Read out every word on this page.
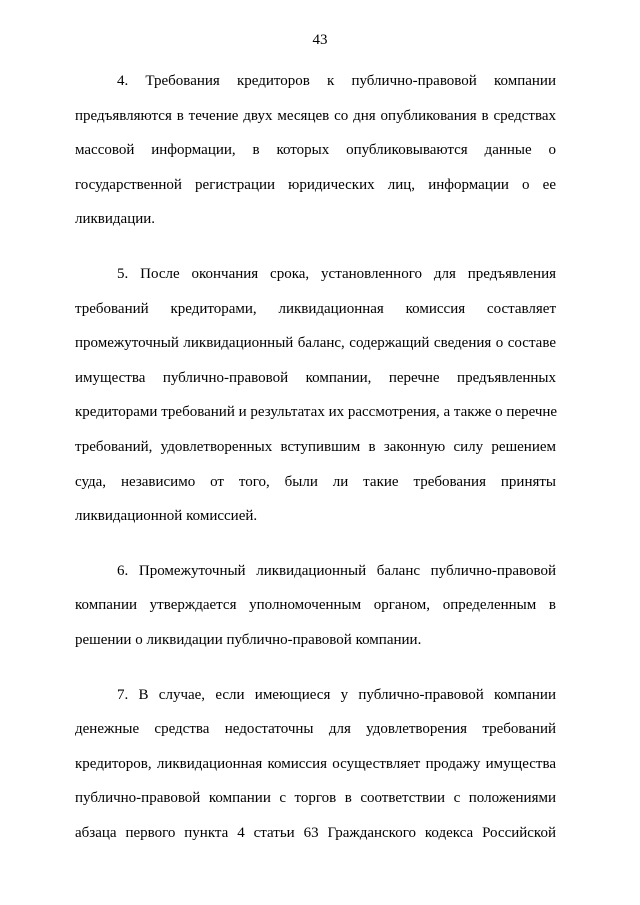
43

4. Требования кредиторов к публично-правовой компании
предъявляются в течение двух месяцев со дня опубликования в средствах
массовой информации, в которых опубликовываются данные о
государственной регистрации юридических лиц, информации о ее
ликвидации.

5. После окончания срока, установленного для предъявления
требований кредиторами, ликвидационная комиссия составляет
промежуточный ликвидационный баланс, содержащий сведения о составе
имущества публично-правовой компании, перечне предъявленных
кредиторами требований и результатах их рассмотрения, а также о перечне
требований, удовлетворенных вступившим в законную силу решением
суда, независимо от того, были ли такие требования приняты
ликвидационной комиссией.

6. Промежуточный ликвидационный баланс публично-правовой
компании утверждается уполномоченным органом, определенным в
решении о ликвидации публично-правовой компании.

7. В случае, если имеющиеся у публично-правовой компании
денежные средства недостаточны для удовлетворения требований
кредиторов, ликвидационная комиссия осуществляет продажу имущества
публично-правовой компании с торгов в соответствии с положениями
абзаца первого пункта 4 статьи 63 Гражданского кодекса Российской
